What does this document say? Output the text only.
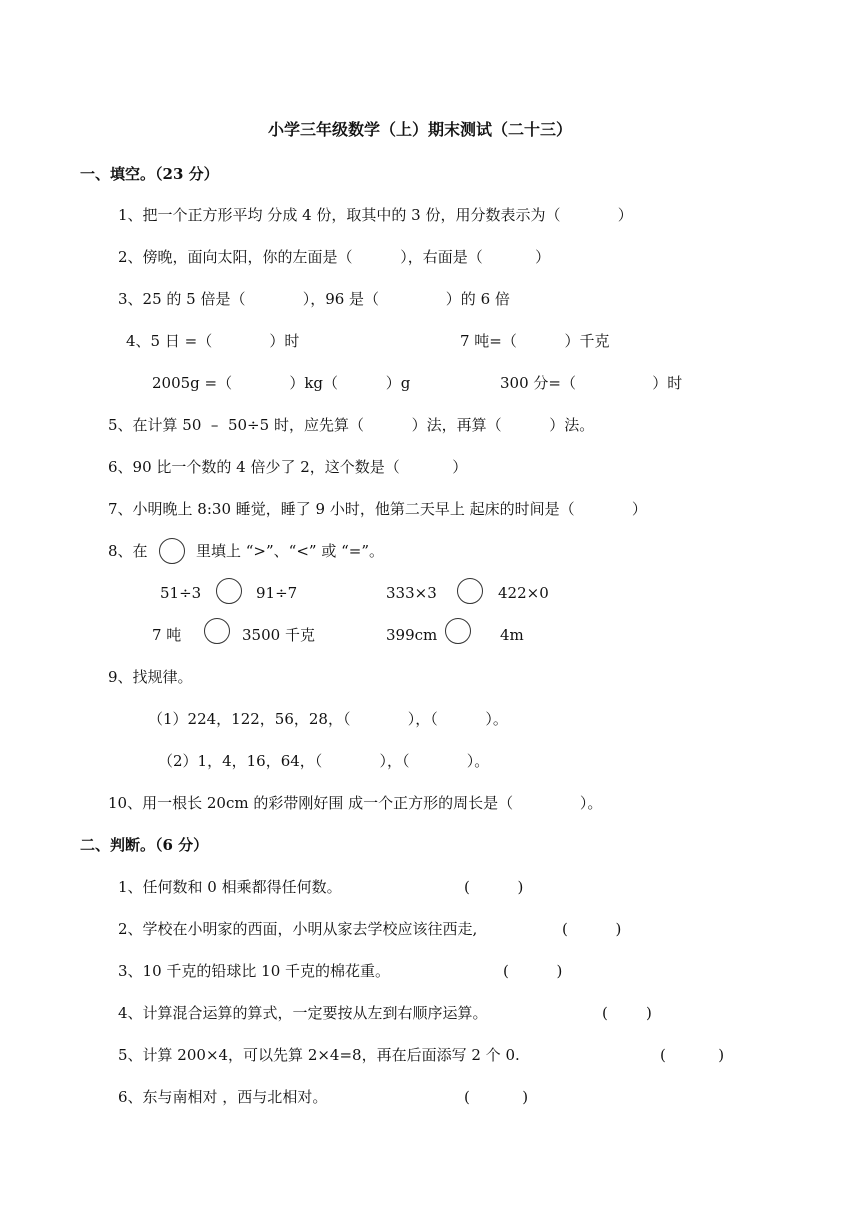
小学三年级数学（上）期末测试（二十三）
一、填空。（23 分）
1、把一个正方形平均 分成 4 份，取其中的 3 份，用分数表示为（            ）
2、傍晚，面向太阳，你的左面是（          ），右面是（           ）
3、25 的 5 倍是（            ），96 是（              ）的 6 倍
4、5 日 =（            ）时	7 吨=（          ）千克
2005g =（            ）kg（          ）g	300 分=（                ）时
5、在计算 50  –  50÷5 时，应先算（          ）法，再算（          ）法。
6、90 比一个数的 4 倍少了 2，这个数是（           ）
7、小明晚上 8:30 睡觉，睡了 9 小时，他第二天早上 起床的时间是（            ）
8、在	里填上 “>”、“<” 或 “=”。
51÷3	91÷7	333×3	422×0
7 吨	3500 千克	399cm	4m
9、找规律。
（1）224，122，56，28，（            ），（          ）。
（2）1，4，16，64，（            ），（            ）。
10、用一根长 20cm 的彩带刚好围 成一个正方形的周长是（              ）。
二、判断。（6 分）
1、任何数和 0 相乘都得任何数。	(          )
2、学校在小明家的西面，小明从家去学校应该往西走,	(          )
3、10 千克的铅球比 10 千克的棉花重。	(          )
4、计算混合运算的算式，一定要按从左到右顺序运算。	(        )
5、计算 200×4，可以先算 2×4=8，再在后面添写 2 个 0.	(           )
6、东与南相对 ，西与北相对。	(           )
